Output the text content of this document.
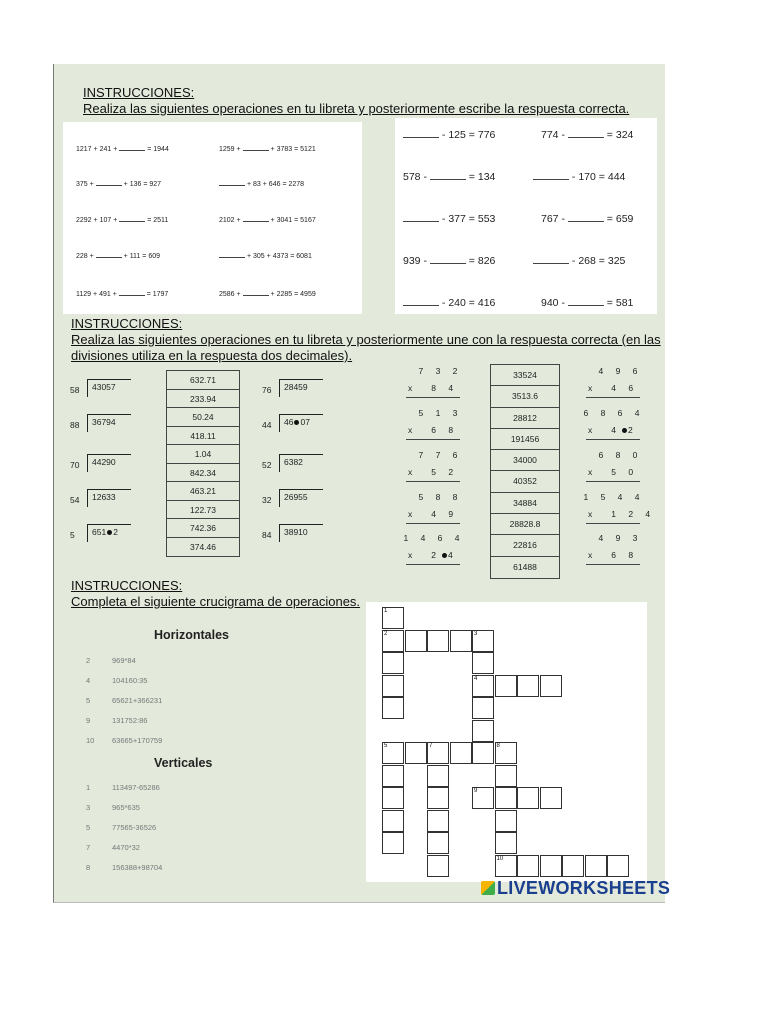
INSTRUCCIONES:
Realiza las siguientes operaciones en tu libreta y posteriormente escribe la respuesta correcta.
INSTRUCCIONES:
Realiza las siguientes operaciones en tu libreta y posteriormente une con la respuesta correcta (en las
divisiones utiliza en la respuesta dos decimales).
632.71
233.94
50.24
418.11
1.04
842.34
463.21
122.73
742.36
374.46
33524
3513.6
28812
191456
34000
40352
34884
28828.8
22816
61488
INSTRUCCIONES:
Completa el siguiente crucigrama de operaciones.
Horizontales
Verticales
1
2	3
4
5	7	8
10
9
LIVEWORKSHEETS
1217 + 241 +	= 1944
375 +	+ 136 = 927
2292 + 107 +	= 2511
228 +	+ 111 = 609
1129 + 491 +	= 1797
1259 +	+ 3783 = 5121
+ 83 + 646 = 2278
2102 +	+ 3041 = 5167
+ 305 + 4373 = 6081
2586 +	+ 2285 = 4959
- 125 = 776
578 -	= 134
- 377 = 553
939 -	= 826
- 240 = 416
774 -	= 324
- 170 = 444
767 -	= 659
- 268 = 325
940 -	= 581
58	43057
88	36794
70	44290
54	12633
5	651 2
76	28459
44	46 07
52	6382
32	26955
84	38910
7 3 2
x 8 4
5 1 3
x 6 8
7 7 6
x 5 2
5 8 8
x 4 9
1 4 6 4
x 2 4
4 9 6
x 4 6
6 8 6 4
x 4 2
6 8 0
x 5 0
1 5 4 4
x 1 2 4
4 9 3
x 6 8
2	969*84
4	104160:35
5	65621+366231
9	131752:86
10 63665+170759
1	113497-65286
3	965*635
5	77565-36526
7	4470*32
8	156388+98704
